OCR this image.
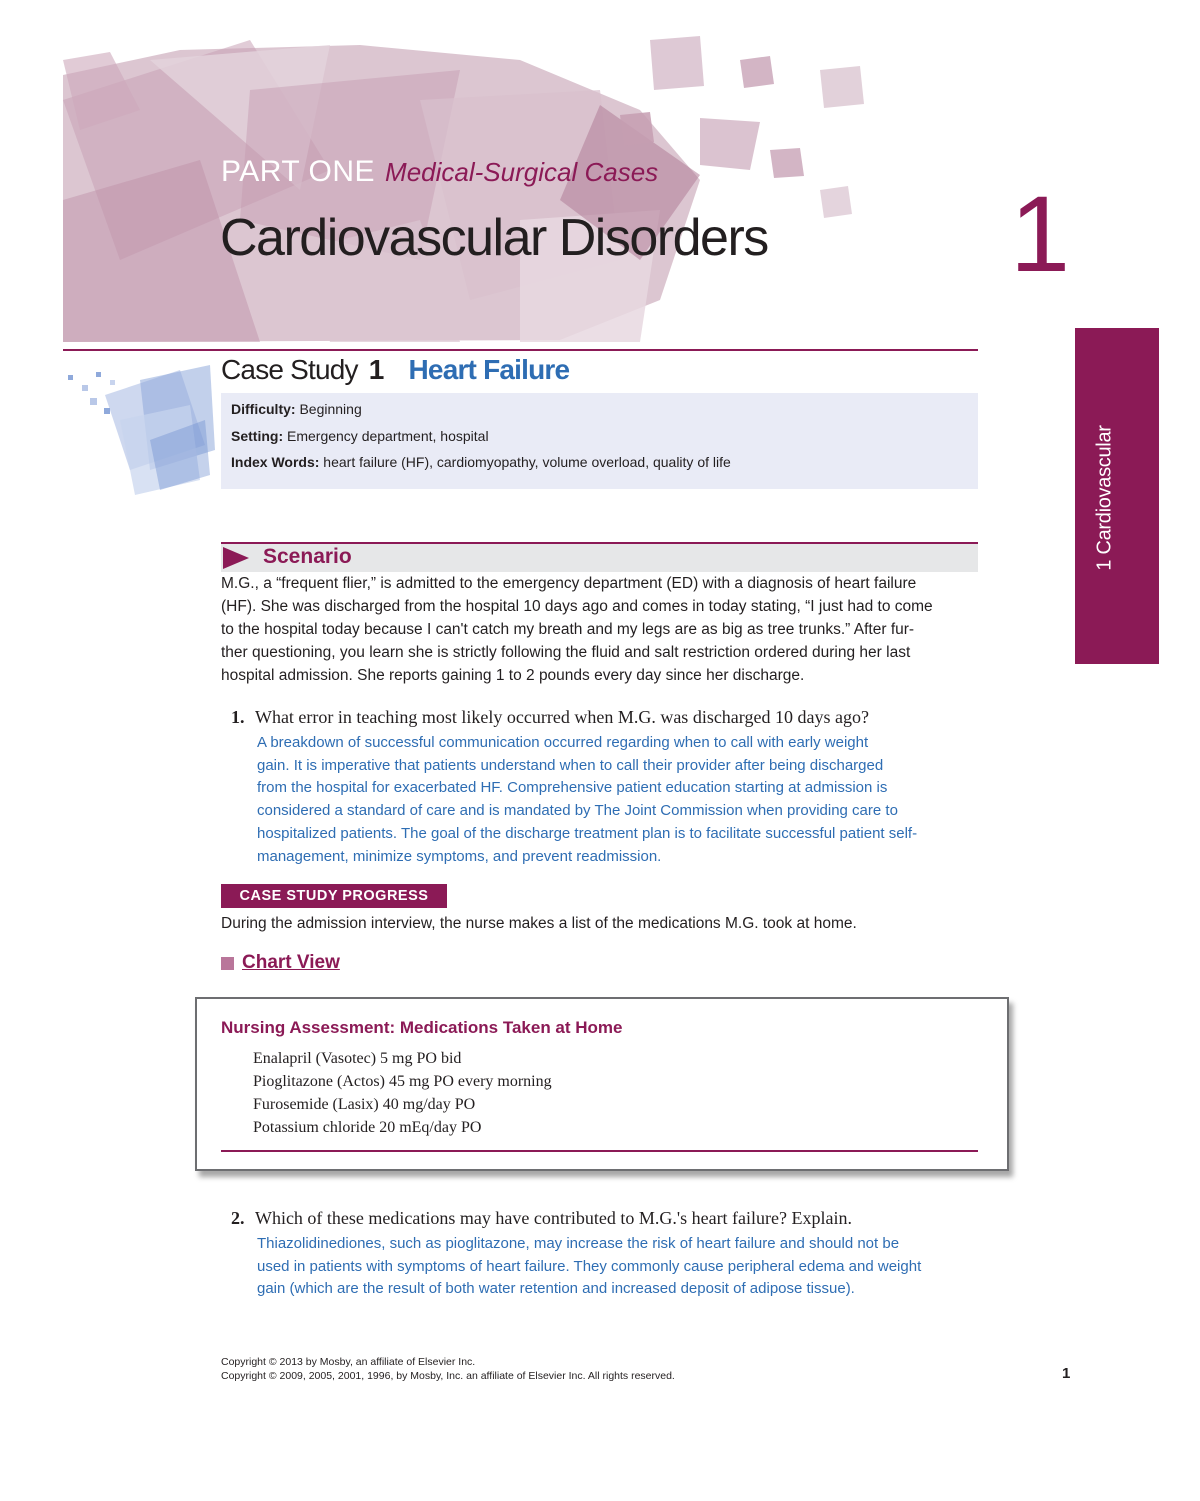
PART ONE Medical-Surgical Cases
Cardiovascular Disorders 1
Case Study 1 Heart Failure
Difficulty: Beginning
Setting: Emergency department, hospital
Index Words: heart failure (HF), cardiomyopathy, volume overload, quality of life
Scenario

M.G., a “frequent flier,” is admitted to the emergency department (ED) with a diagnosis of heart failure

(HF). She was discharged from the hospital 10 days ago and comes in today stating, “I just had to come

to the hospital today because I can't catch my breath and my legs are as big as tree trunks.” After fur-

ther questioning, you learn she is strictly following the fluid and salt restriction ordered during her last

hospital admission. She reports gaining 1 to 2 pounds every day since her discharge.

1. What error in teaching most likely occurred when M.G. was discharged 10 days ago?

A breakdown of successful communication occurred regarding when to call with early weight

gain. It is imperative that patients understand when to call their provider after being discharged

from the hospital for exacerbated HF. Comprehensive patient education starting at admission is

considered a standard of care and is mandated by The Joint Commission when providing care to

hospitalized patients. The goal of the discharge treatment plan is to facilitate successful patient self-

management, minimize symptoms, and prevent readmission.

CASE STUDY PROGRESS
During the admission interview, the nurse makes a list of the medications M.G. took at home.
Chart View
Nursing Assessment: Medications Taken at Home
Enalapril (Vasotec) 5 mg PO bid
Pioglitazone (Actos) 45 mg PO every morning
Furosemide (Lasix) 40 mg/day PO
Potassium chloride 20 mEq/day PO
2. Which of these medications may have contributed to M.G.'s heart failure? Explain.

Thiazolidinediones, such as pioglitazone, may increase the risk of heart failure and should not be

used in patients with symptoms of heart failure. They commonly cause peripheral edema and weight

gain (which are the result of both water retention and increased deposit of adipose tissue).

1 Cardiovascular

Copyright © 2013 by Mosby, an affiliate of Elsevier Inc.

Copyright © 2009, 2005, 2001, 1996, by Mosby, Inc. an affiliate of Elsevier Inc. All rights reserved.	1
